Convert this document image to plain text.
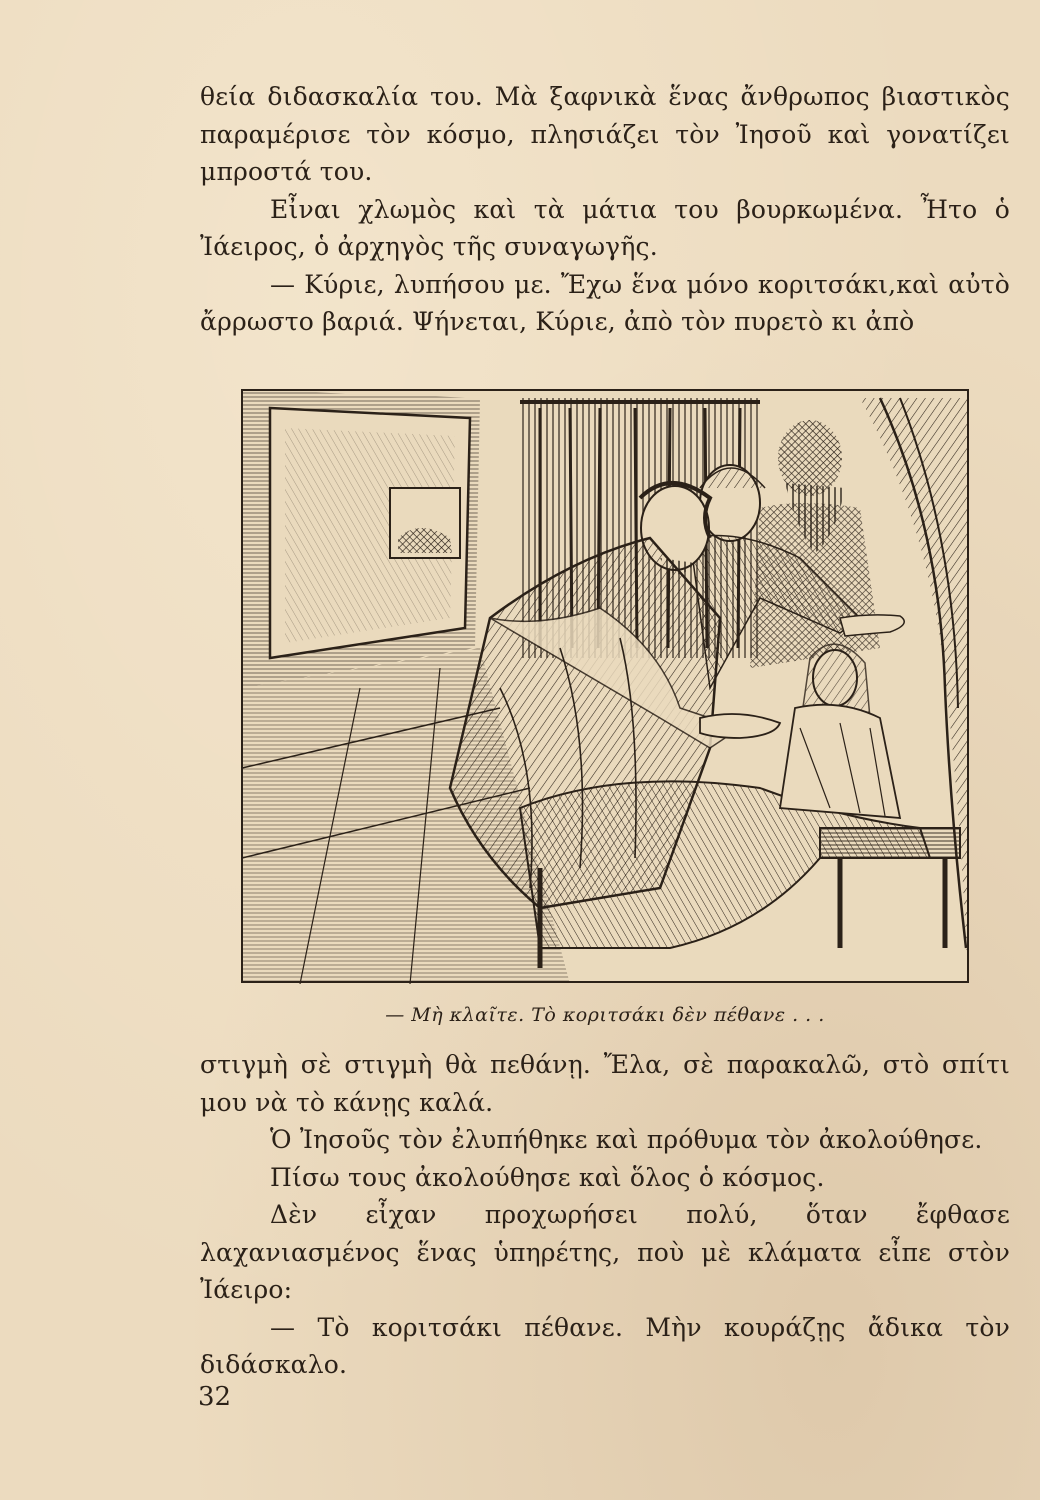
θεία διδασκαλία του. Μὰ ξαφνικὰ ἕνας ἄνθρωπος βιαστικὸς παραμέρισε τὸν κόσμο, πλησιάζει τὸν Ἰησοῦ καὶ γονατίζει μπροστά του.

Εἶναι χλωμὸς καὶ τὰ μάτια του βουρκωμένα. Ἦτο ὁ Ἰάειρος, ὁ ἀρχηγὸς τῆς συναγωγῆς.

— Κύριε, λυπήσου με. Ἔχω ἕνα μόνο κοριτσάκι,καὶ αὐτὸ ἄρρωστο βαριά. Ψήνεται, Κύριε, ἀπὸ τὸν πυρετὸ κι ἀπὸ

— Μὴ κλαῖτε. Τὸ κοριτσάκι δὲν πέθανε . . .

στιγμὴ σὲ στιγμὴ θὰ πεθάνῃ. Ἔλα, σὲ παρακαλῶ, στὸ σπίτι μου νὰ τὸ κάνῃς καλά.

Ὁ Ἰησοῦς τὸν ἐλυπήθηκε καὶ πρόθυμα τὸν ἀκολούθησε.

Πίσω τους ἀκολούθησε καὶ ὅλος ὁ κόσμος.

Δὲν εἶχαν προχωρήσει πολύ, ὅταν ἔφθασε λαχανιασμένος ἕνας ὑπηρέτης, ποὺ μὲ κλάματα εἶπε στὸν Ἰάειρο:

— Τὸ κοριτσάκι πέθανε. Μὴν κουράζῃς ἄδικα τὸν διδάσκαλο.

32
